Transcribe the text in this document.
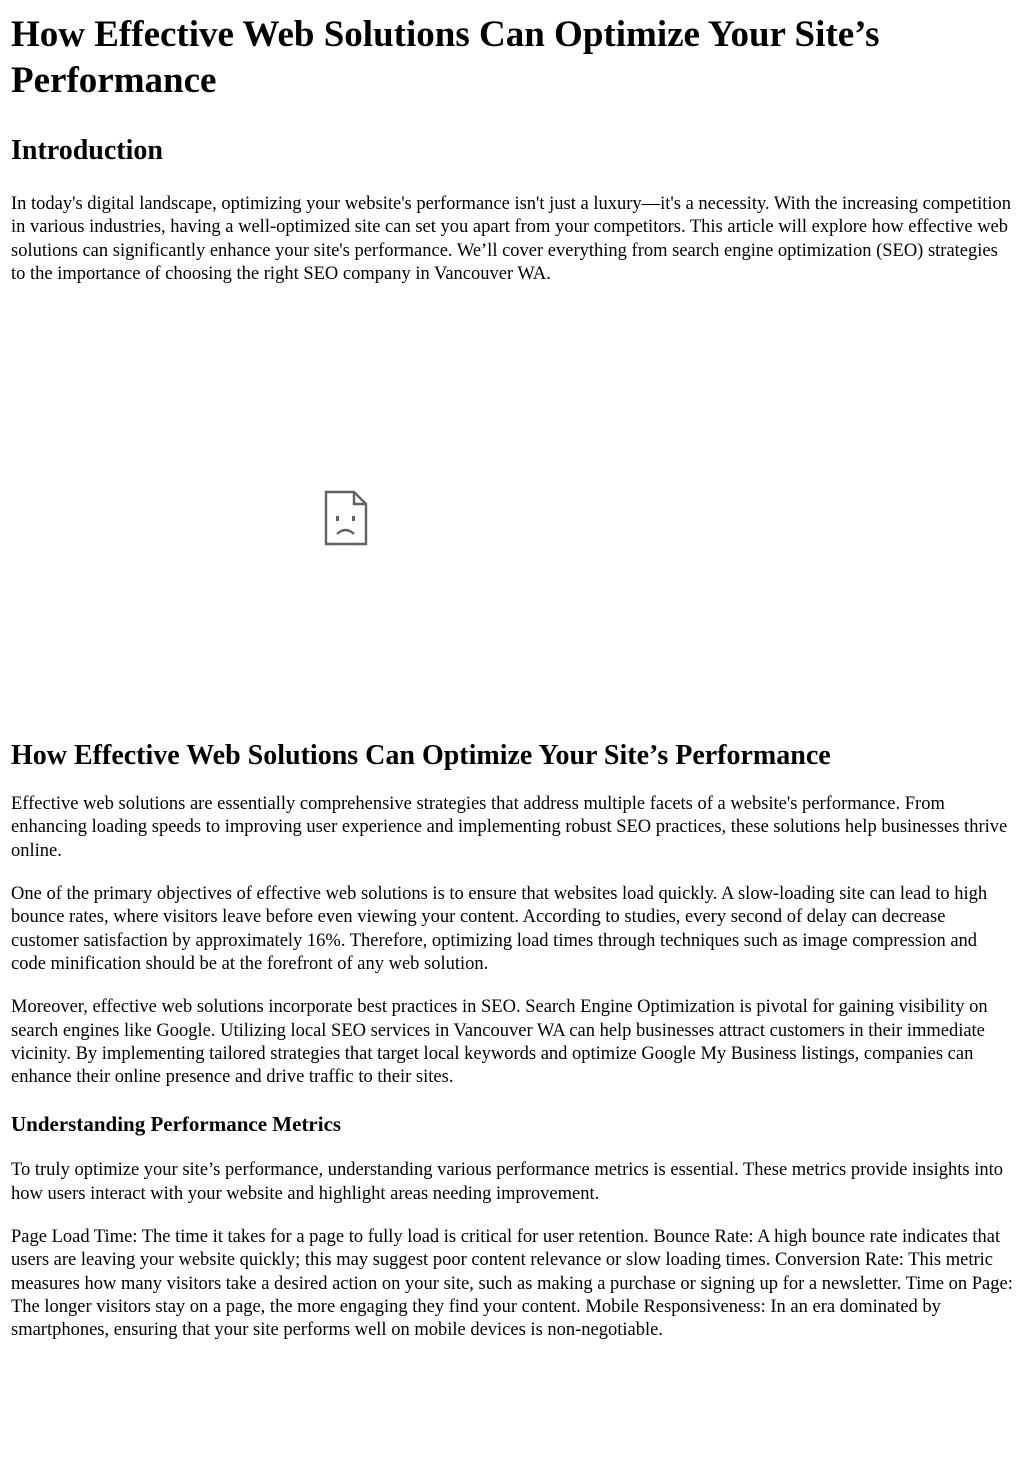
How Effective Web Solutions Can Optimize Your Site’s Performance
Introduction

In today's digital landscape, optimizing your website's performance isn't just a luxury—it's a necessity. With the increasing competition in various industries, having a well-optimized site can set you apart from your competitors. This article will explore how effective web solutions can significantly enhance your site's performance. We’ll cover everything from search engine optimization (SEO) strategies to the importance of choosing the right SEO company in Vancouver WA.

How Effective Web Solutions Can Optimize Your Site’s Performance

Effective web solutions are essentially comprehensive strategies that address multiple facets of a website's performance. From enhancing loading speeds to improving user experience and implementing robust SEO practices, these solutions help businesses thrive online.

One of the primary objectives of effective web solutions is to ensure that websites load quickly. A slow-loading site can lead to high bounce rates, where visitors leave before even viewing your content. According to studies, every second of delay can decrease customer satisfaction by approximately 16%. Therefore, optimizing load times through techniques such as image compression and code minification should be at the forefront of any web solution.

Moreover, effective web solutions incorporate best practices in SEO. Search Engine Optimization is pivotal for gaining visibility on search engines like Google. Utilizing local SEO services in Vancouver WA can help businesses attract customers in their immediate vicinity. By implementing tailored strategies that target local keywords and optimize Google My Business listings, companies can enhance their online presence and drive traffic to their sites.

Understanding Performance Metrics

To truly optimize your site’s performance, understanding various performance metrics is essential. These metrics provide insights into how users interact with your website and highlight areas needing improvement.

Page Load Time: The time it takes for a page to fully load is critical for user retention. Bounce Rate: A high bounce rate indicates that users are leaving your website quickly; this may suggest poor content relevance or slow loading times. Conversion Rate: This metric measures how many visitors take a desired action on your site, such as making a purchase or signing up for a newsletter. Time on Page: The longer visitors stay on a page, the more engaging they find your content. Mobile Responsiveness: In an era dominated by smartphones, ensuring that your site performs well on mobile devices is non-negotiable.
